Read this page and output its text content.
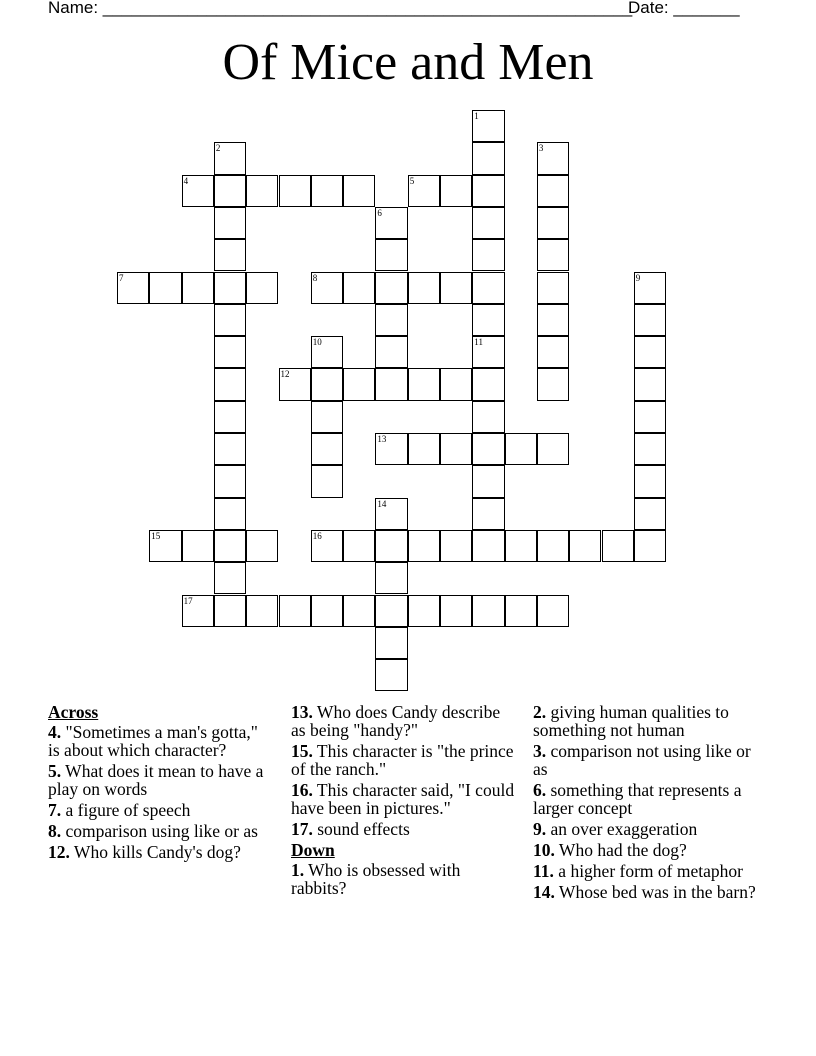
Name: ________________________________________________________
Date: _______
Of Mice and Men
1
11
2	3
4	5
6
7	8	9
10
12
13
14
15	16
17
Across
4. "Sometimes a man's gotta," is about which character?
5. What does it mean to have a play on words
7. a figure of speech
8. comparison using like or as
12. Who kills Candy's dog?
13. Who does Candy describe as being "handy?"
15. This character is "the prince of the ranch."
16. This character said, "I could have been in pictures."
17. sound effects
Down
1. Who is obsessed with rabbits?
2. giving human qualities to something not human
3. comparison not using like or as
6. something that represents a larger concept
9. an over exaggeration
10. Who had the dog?
11. a higher form of metaphor
14. Whose bed was in the barn?
